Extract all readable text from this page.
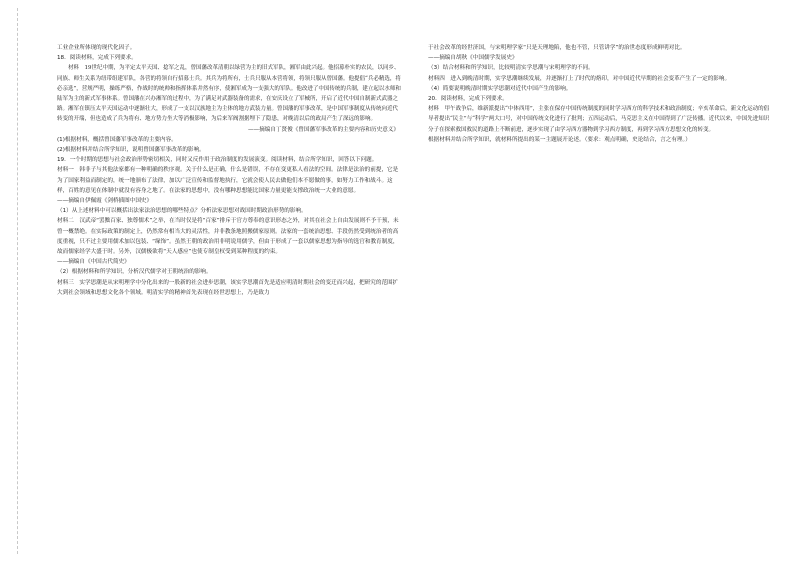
工业企业所体现的现代化因子。

18．阅读材料，完成下列要求。

材料　19世纪中期，为平定太平天国、捻军之乱，曾国藩改革清朝以绿营为主的旧式军队，湘军由此兴起。他招募朴实的农民，以同乡、同族、师生关系为纽带组建军队，各营的将领自行招募士兵。其兵为将所有，士兵只服从本营将领，将领只服从曾国藩。他提倡“兵必精选，将必亲选”，营规严明，操练严格，作战时的统帅和指挥体系井然有序，使湘军成为一支强大的军队。他改进了中国传统的兵制，建立起以水师和陆军为主的新式军事体系。曾国藩在兴办湘军的过程中，为了满足对武器装备的需求，在安庆设立了军械所，开启了近代中国自制新式武器之路。湘军在镇压太平天国运动中逐渐壮大，形成了一支以汉族地主为主体的地方武装力量。曾国藩的军事改革，是中国军事制度从传统向近代转变的开端，但也造成了兵为将有、地方势力坐大等消极影响，为后来军阀割据埋下了隐患，对晚清以后的政局产生了深远的影响。

——摘编自丁贤俊《曾国藩军事改革的主要内容和历史意义》

(1)根据材料，概括曾国藩军事改革的主要内容。

(2)根据材料并结合所学知识，说明曾国藩军事改革的影响。

19．一个时期的思想与社会政治形势密切相关，同时又反作用于政治制度的发展演变。阅读材料，结合所学知识，回答以下问题。

材料一　韩非子与其他法家都有一种明确的秩序观。关于什么是正确，什么是错误，不存在变更私人看法的空间。法律是法治的前提，它是为了国家利益而制定的，统一地颁布了法律，加以广泛宣传和监督地执行，它就会使人民去做他们本不愿做的事，如努力工作和战斗。这样，百姓的意见在体制中就没有容身之地了。在法家的思想中，没有哪种思想能比国家力量更能支撑政治统一大业的意愿。

——摘编自伊佩霞《剑桥插图中国史》

（1）从上述材料中可以概括出法家法治思想的哪些特点？分析法家思想对战国时期政治形势的影响。

材料二　汉武帝“罢黜百家、独尊儒术”之举，在当时仅是将“百家”排斥于官方尊奉的意识形态之外，对其在社会上自由发展则不予干预，未曾一概禁绝。在实际政策的制定上，仍然常有相当大的灵活性，并非教条地照搬儒家原则。法家的一套统治思想、手段仍然受到统治者的高度重视，只不过主要用儒术加以包装、“缘饰”。虽然王朝的政治用非明说用儒学，但由于形成了一套以儒家思想为指导的选官和教育制度，故而儒家经学大盛于时。另外，汉儒极欲将“天人感应”也使专制皇权受到某种程度的约束。

——摘编自《中国古代简史》

（2）根据材料和所学知识，分析汉代儒学对王朝统治的影响。

材料三　实学思潮是从宋明理学中分化出来的一股新的社会进步思潮，该实学思潮首先是适应明清时期社会的变迁而兴起，把研究的范围扩大到社会领域和思想文化各个领域。明清实学的精神首先表现在经世思想上，乃是致力

于社会改革的经世济国，与宋明理学家“只是天理地陷，他也不管，只管讲学”的治世态度形成鲜明对比。

——摘编自胡秋《中国儒学发展史》

（3）结合材料和所学知识，比较明清实学思潮与宋明理学的不同。

材料四　进入到晚清时期，实学思潮继续发展，并逐渐打上了时代的烙印，对中国近代早期的社会变革产生了一定的影响。

（4）简要说明晚清时期实学思潮对近代中国产生的影响。

20．阅读材料，完成下列要求。

材料　甲午战争后，维新派提出“中体西用”，主张在保存中国传统制度的同时学习西方的科学技术和政治制度；辛亥革命后，新文化运动的倡导者提出“民主”与“科学”两大口号，对中国传统文化进行了批判；五四运动后，马克思主义在中国得到了广泛传播。近代以来，中国先进知识分子在探索救国救民的道路上不断前进，逐步实现了由学习西方器物到学习西方制度，再到学习西方思想文化的转变。

根据材料并结合所学知识，就材料所提出的某一主题展开论述。（要求：观点明确，史论结合，言之有理。）
